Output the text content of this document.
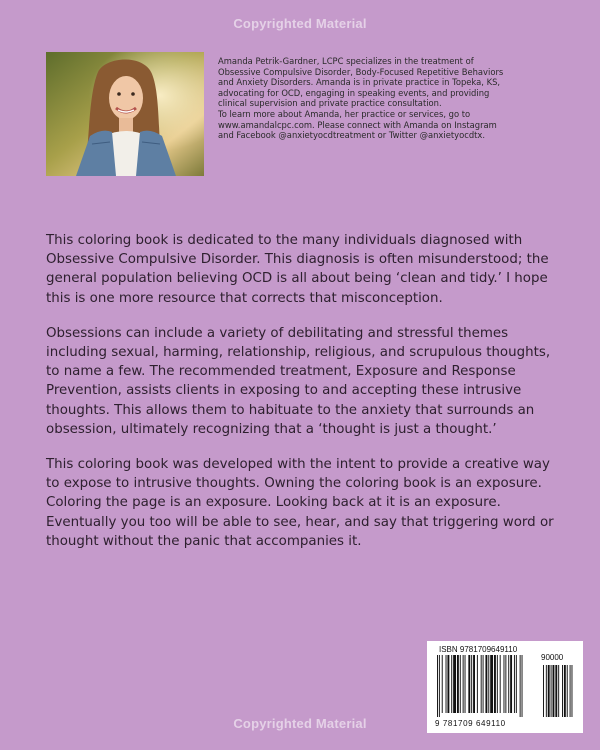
Copyrighted Material

Amanda Petrik-Gardner, LCPC specializes in the treatment of

Obsessive Compulsive Disorder, Body-Focused Repetitive Behaviors

and Anxiety Disorders. Amanda is in private practice in Topeka, KS,

advocating for OCD, engaging in speaking events, and providing

clinical supervision and private practice consultation.

To learn more about Amanda, her practice or services, go to

www.amandalcpc.com. Please connect with Amanda on Instagram

and Facebook @anxietyocdtreatment or Twitter @anxietyocdtx.

This coloring book is dedicated to the many individuals diagnosed with Obsessive Compulsive Disorder. This diagnosis is often misunderstood; the general population believing OCD is all about being ‘clean and tidy.’ I hope this is one more resource that corrects that misconception.

Obsessions can include a variety of debilitating and stressful themes including sexual, harming, relationship, religious, and scrupulous thoughts, to name a few. The recommended treatment, Exposure and Response Prevention, assists clients in exposing to and accepting these intrusive thoughts. This allows them to habituate to the anxiety that surrounds an obsession, ultimately recognizing that a ‘thought is just a thought.’

This coloring book was developed with the intent to provide a creative way to expose to intrusive thoughts. Owning the coloring book is an exposure. Coloring the page is an exposure. Looking back at it is an exposure. Eventually you too will be able to see, hear, and say that triggering word or thought without the panic that accompanies it.

ISBN 9781709649110
90000
9 781709 649110
Copyrighted Material
